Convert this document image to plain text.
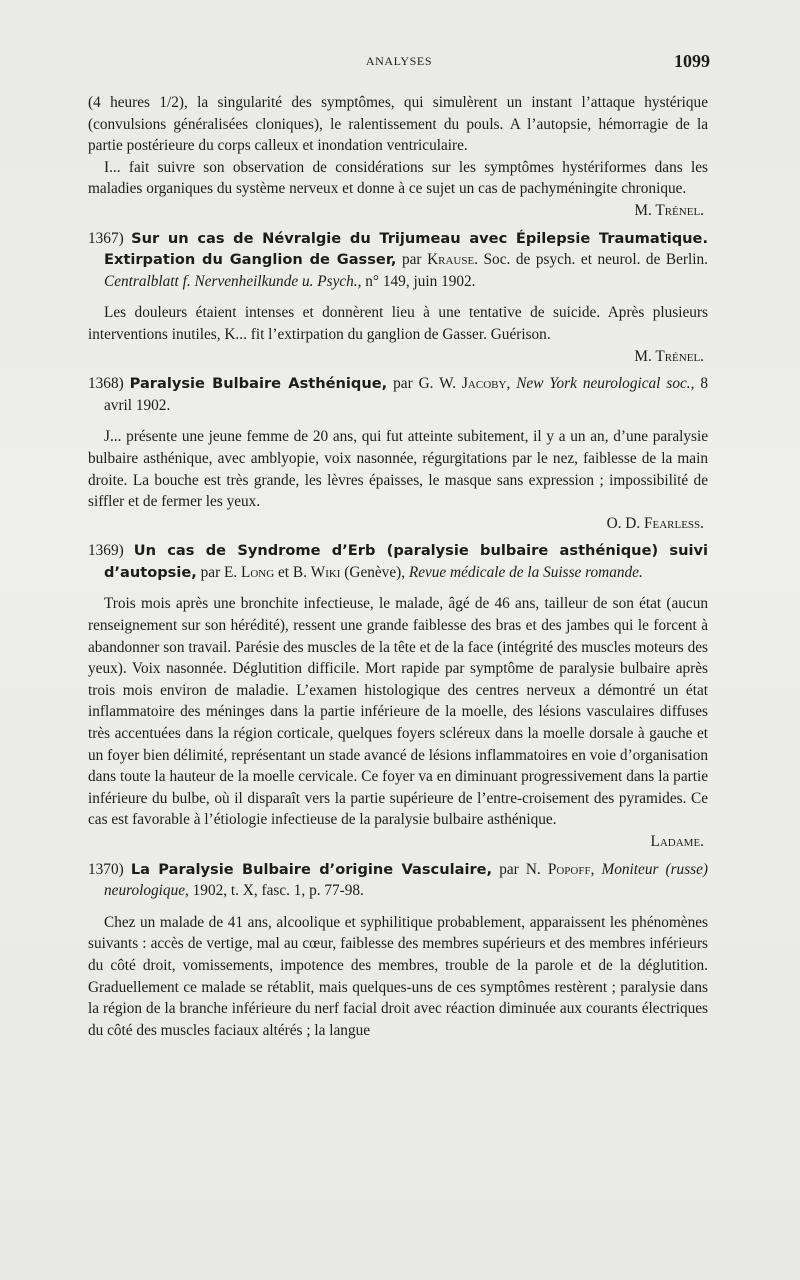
ANALYSES	1099

(4 heures 1/2), la singularité des symptômes, qui simulèrent un instant l’attaque hystérique (convulsions généralisées cloniques), le ralentissement du pouls. A l’autopsie, hémorragie de la partie postérieure du corps calleux et inondation ventriculaire.

I... fait suivre son observation de considérations sur les symptômes hystériformes dans les maladies organiques du système nerveux et donne à ce sujet un cas de pachyméningite chronique.
M. Trénel.

1367) Sur un cas de Névralgie du Trijumeau avec Épilepsie Traumatique. Extirpation du Ganglion de Gasser, par Krause. Soc. de psych. et neurol. de Berlin. Centralblatt f. Nervenheilkunde u. Psych., n° 149, juin 1902.

Les douleurs étaient intenses et donnèrent lieu à une tentative de suicide. Après plusieurs interventions inutiles, K... fit l’extirpation du ganglion de Gasser. Guérison.
M. Trénel.

1368) Paralysie Bulbaire Asthénique, par G. W. Jacoby, New York neurological soc., 8 avril 1902.

J... présente une jeune femme de 20 ans, qui fut atteinte subitement, il y a un an, d’une paralysie bulbaire asthénique, avec amblyopie, voix nasonnée, régurgitations par le nez, faiblesse de la main droite. La bouche est très grande, les lèvres épaisses, le masque sans expression ; impossibilité de siffler et de fermer les yeux.
O. D. Fearless.

1369) Un cas de Syndrome d’Erb (paralysie bulbaire asthénique) suivi d’autopsie, par E. Long et B. Wiki (Genève), Revue médicale de la Suisse romande.

Trois mois après une bronchite infectieuse, le malade, âgé de 46 ans, tailleur de son état (aucun renseignement sur son hérédité), ressent une grande faiblesse des bras et des jambes qui le forcent à abandonner son travail. Parésie des muscles de la tête et de la face (intégrité des muscles moteurs des yeux). Voix nasonnée. Déglutition difficile. Mort rapide par symptôme de paralysie bulbaire après trois mois environ de maladie. L’examen histologique des centres nerveux a démontré un état inflammatoire des méninges dans la partie inférieure de la moelle, des lésions vasculaires diffuses très accentuées dans la région corticale, quelques foyers scléreux dans la moelle dorsale à gauche et un foyer bien délimité, représentant un stade avancé de lésions inflammatoires en voie d’organisation dans toute la hauteur de la moelle cervicale. Ce foyer va en diminuant progressivement dans la partie inférieure du bulbe, où il disparaît vers la partie supérieure de l’entre-croisement des pyramides. Ce cas est favorable à l’étiologie infectieuse de la paralysie bulbaire asthénique.
Ladame.

1370) La Paralysie Bulbaire d’origine Vasculaire, par N. Popoff, Moniteur (russe) neurologique, 1902, t. X, fasc. 1, p. 77-98.

Chez un malade de 41 ans, alcoolique et syphilitique probablement, apparaissent les phénomènes suivants : accès de vertige, mal au cœur, faiblesse des membres supérieurs et des membres inférieurs du côté droit, vomissements, impotence des membres, trouble de la parole et de la déglutition. Graduellement ce malade se rétablit, mais quelques-uns de ces symptômes restèrent ; paralysie dans la région de la branche inférieure du nerf facial droit avec réaction diminuée aux courants électriques du côté des muscles faciaux altérés ; la langue
